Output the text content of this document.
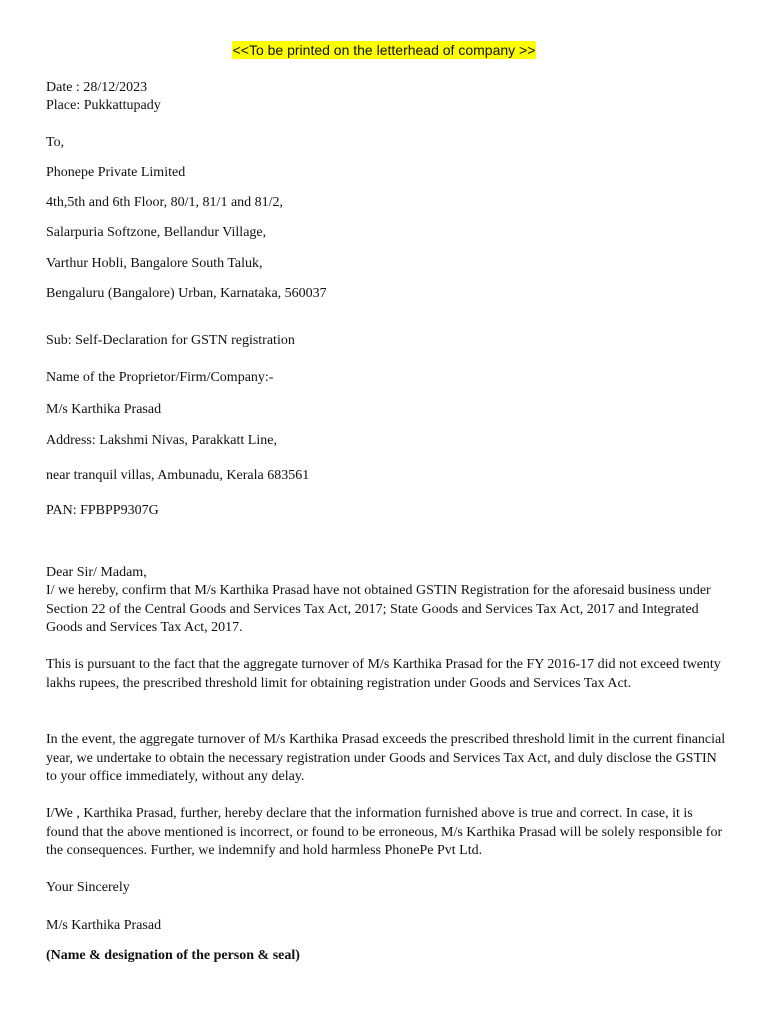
<<To be printed on the letterhead of company >>
Date : 28/12/2023
Place: Pukkattupady
To,
Phonepe Private Limited
4th,5th and 6th Floor, 80/1, 81/1 and 81/2,
Salarpuria Softzone, Bellandur Village,
Varthur Hobli, Bangalore South Taluk,
Bengaluru (Bangalore) Urban, Karnataka, 560037
Sub: Self-Declaration for GSTN registration
Name of the Proprietor/Firm/Company:-
M/s Karthika Prasad
Address: Lakshmi Nivas, Parakkatt Line,
near tranquil villas, Ambunadu, Kerala 683561
PAN: FPBPP9307G
Dear Sir/ Madam,
I/ we hereby, confirm that M/s Karthika Prasad have not obtained GSTIN Registration for the aforesaid business under Section 22 of the Central Goods and Services Tax Act, 2017; State Goods and Services Tax Act, 2017 and Integrated Goods and Services Tax Act, 2017.
This is pursuant to the fact that the aggregate turnover of M/s Karthika Prasad for the FY 2016-17 did not exceed twenty lakhs rupees, the prescribed threshold limit for obtaining registration under Goods and Services Tax Act.
In the event, the aggregate turnover of M/s Karthika Prasad exceeds the prescribed threshold limit in the current financial year, we undertake to obtain the necessary registration under Goods and Services Tax Act, and duly disclose the GSTIN to your office immediately, without any delay.
I/We , Karthika Prasad, further, hereby declare that the information furnished above is true and correct. In case, it is found that the above mentioned is incorrect, or found to be erroneous, M/s Karthika Prasad will be solely responsible for the consequences. Further, we indemnify and hold harmless PhonePe Pvt Ltd.
Your Sincerely
M/s Karthika Prasad
(Name & designation of the person & seal)
